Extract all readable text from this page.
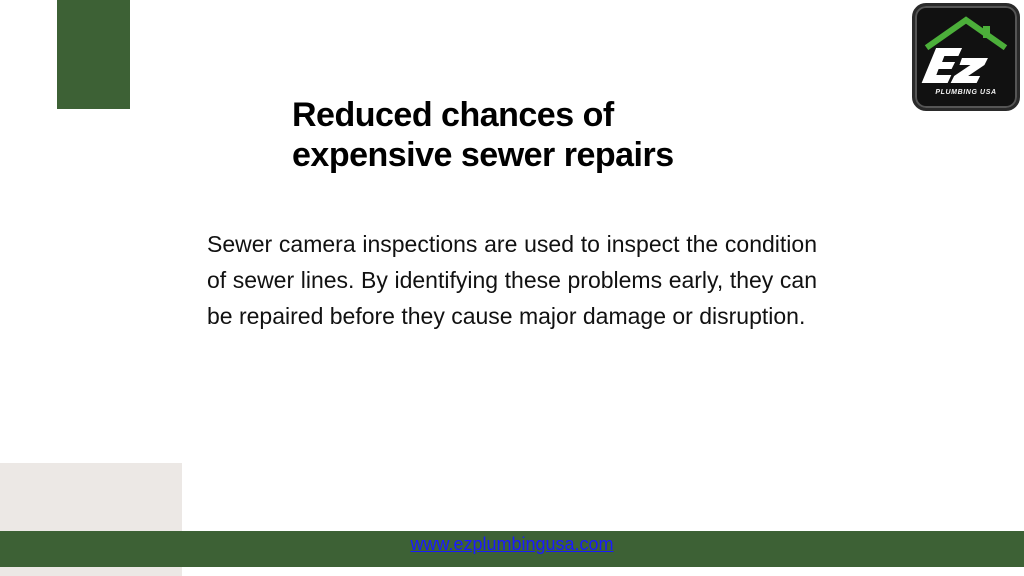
PLUMBING USA
Reduced chances of
expensive sewer repairs

Sewer camera inspections are used to inspect the condition of sewer lines. By identifying these problems early, they can be repaired before they cause major damage or disruption.

www.ezplumbingusa.com
